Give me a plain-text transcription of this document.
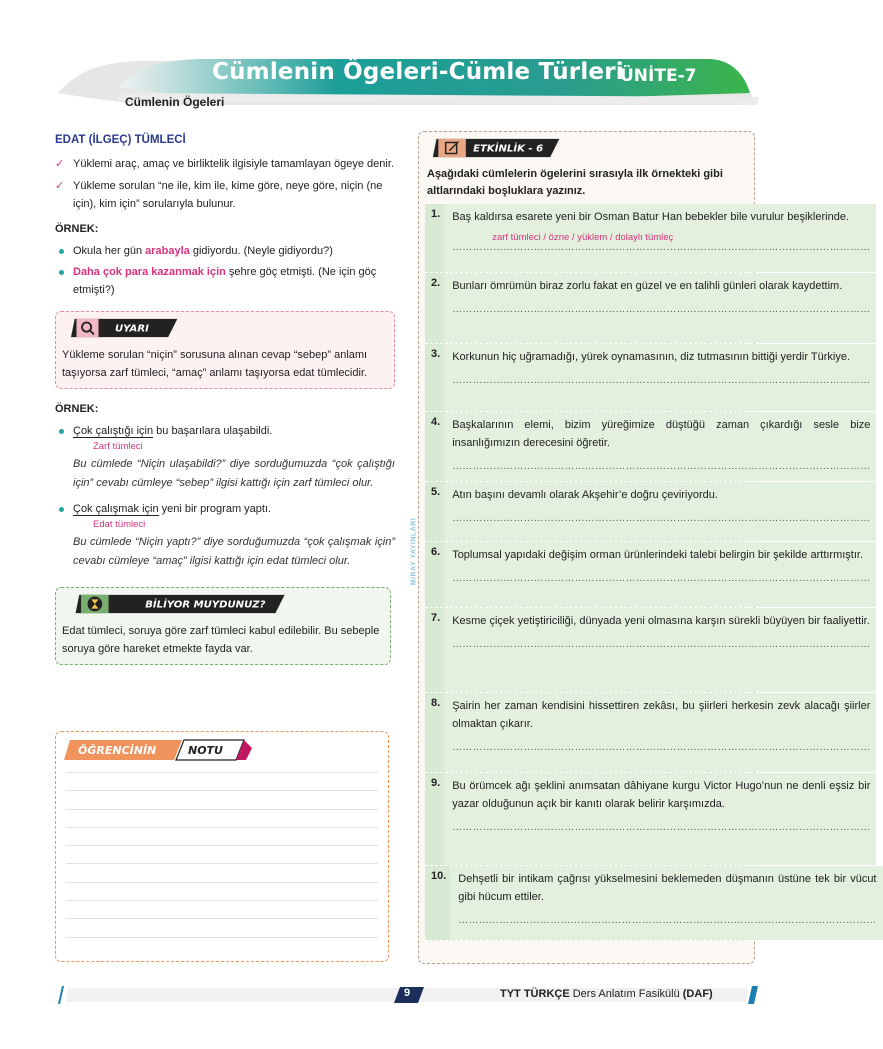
Cümlenin Ögeleri-Cümle Türleri
ÜNİTE-7
Cümlenin Ögeleri
EDAT (İLGEÇ) TÜMLECİ
✓ Yüklemi araç, amaç ve birliktelik ilgisiyle tamamlayan ögeye denir.
✓ Yükleme sorulan “ne ile, kim ile, kime göre, neye göre, niçin (ne için), kim için” sorularıyla bulunur.
ÖRNEK:
Okula her gün arabayla gidiyordu. (Neyle gidiyordu?)
Daha çok para kazanmak için şehre göç etmişti. (Ne için göç etmişti?)
UYARI
Yükleme sorulan “niçin” sorusuna alınan cevap “sebep” anlamı taşıyorsa zarf tümleci, “amaç” anlamı taşıyorsa edat tümlecidir.
ÖRNEK:
Çok çalıştığı için bu başarılara ulaşabildi.
Zarf tümleci
Bu cümlede “Niçin ulaşabildi?” diye sorduğumuzda “çok çalıştığı için” cevabı cümleye “sebep” ilgisi kattığı için zarf tümleci olur.
Çok çalışmak için yeni bir program yaptı.
Edat tümleci
Bu cümlede “Niçin yaptı?” diye sorduğumuzda “çok çalışmak için” cevabı cümleye “amaç” ilgisi kattığı için edat tümleci olur.
BİLİYOR MUYDUNUZ?
Edat tümleci, soruya göre zarf tümleci kabul edilebilir. Bu sebeple soruya göre hareket etmekte fayda var.
ÖĞRENCİNİN	NOTU
MİRAY YAYINLARI
ETKİNLİK - 6
Aşağıdaki cümlelerin ögelerini sırasıyla ilk örnekteki gibi altlarındaki boşluklara yazınız.
1. Baş kaldırsa esarete yeni bir Osman Batur Han bebekler bile vurulur beşiklerinde.
zarf tümleci / özne / yüklem / dolaylı tümleç
……………………………………………………………………………………………………………
2. Bunları ömrümün biraz zorlu fakat en güzel ve en talihli günleri olarak kaydettim.
……………………………………………………………………………………………………………
3. Korkunun hiç uğramadığı, yürek oynamasının, diz tutmasının bittiği yerdir Türkiye.
……………………………………………………………………………………………………………
4. Başkalarının elemi, bizim yüreğimize düştüğü zaman çıkardığı sesle bize insanlığımızın derecesini öğretir.
……………………………………………………………………………………………………………
5. Atın başını devamlı olarak Akşehir’e doğru çeviriyordu.
……………………………………………………………………………………………………………
6. Toplumsal yapıdaki değişim orman ürünlerindeki talebi belirgin bir şekilde arttırmıştır.
……………………………………………………………………………………………………………
7. Kesme çiçek yetiştiriciliği, dünyada yeni olmasına karşın sürekli büyüyen bir faaliyettir.
……………………………………………………………………………………………………………
8. Şairin her zaman kendisini hissettiren zekâsı, bu şiirleri herkesin zevk alacağı şiirler olmaktan çıkarır.
……………………………………………………………………………………………………………
9. Bu örümcek ağı şeklini anımsatan dâhiyane kurgu Victor Hugo’nun ne denli eşsiz bir yazar olduğunun açık bir kanıtı olarak belirir karşımızda.
……………………………………………………………………………………………………………
10. Dehşetli bir intikam çağrısı yükselmesini beklemeden düşmanın üstüne tek bir vücut gibi hücum ettiler.
……………………………………………………………………………………………………………
9	TYT TÜRKÇE Ders Anlatım Fasikülü (DAF)
